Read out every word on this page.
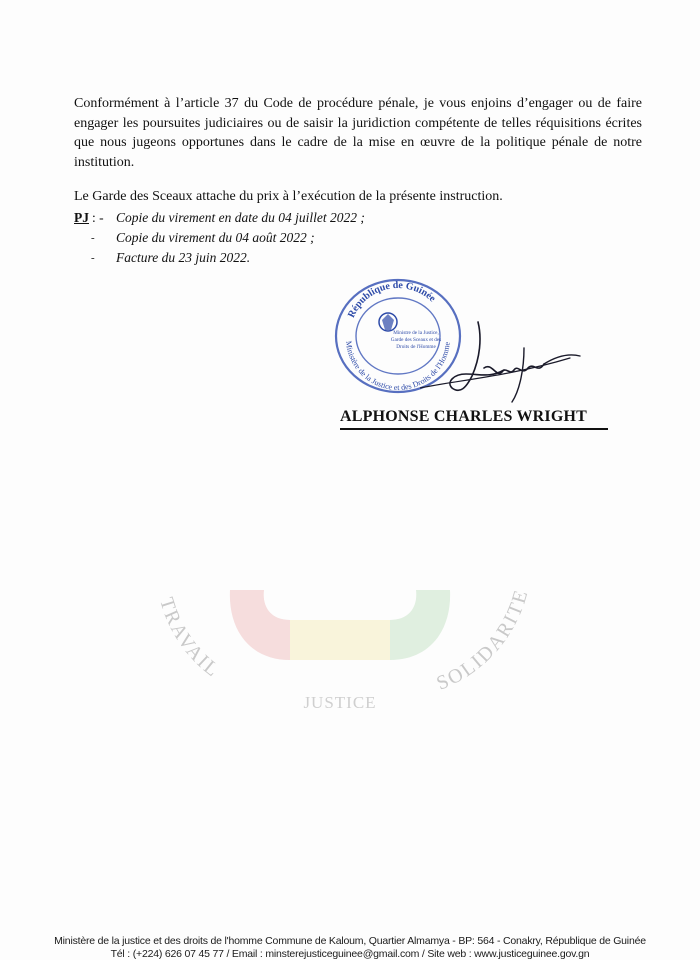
Conformément à l’article 37 du Code de procédure pénale, je vous enjoins d’engager ou de faire engager les poursuites judiciaires ou de saisir la juridiction compétente de telles réquisitions écrites que nous jugeons opportunes dans le cadre de la mise en œuvre de la politique pénale de notre institution.

Le Garde des Sceaux attache du prix à l’exécution de la présente instruction.

PJ : - Copie du virement en date du 04 juillet 2022 ;
- Copie du virement du 04 août 2022 ;
- Facture du 23 juin 2022.
République de Guinée
Ministère de la Justice et des Droits de l'Homme
Ministre de la Justice,
Garde des Sceaux et des
Droits de l'Homme
ALPHONSE CHARLES WRIGHT
TRAVAIL	SOLIDARITE
JUSTICE
Ministère de la justice et des droits de l'homme Commune de Kaloum, Quartier Almamya - BP: 564 - Conakry, République de Guinée
Tél : (+224) 626 07 45 77 / Email : minsterejusticeguinee@gmail.com / Site web : www.justiceguinee.gov.gn
